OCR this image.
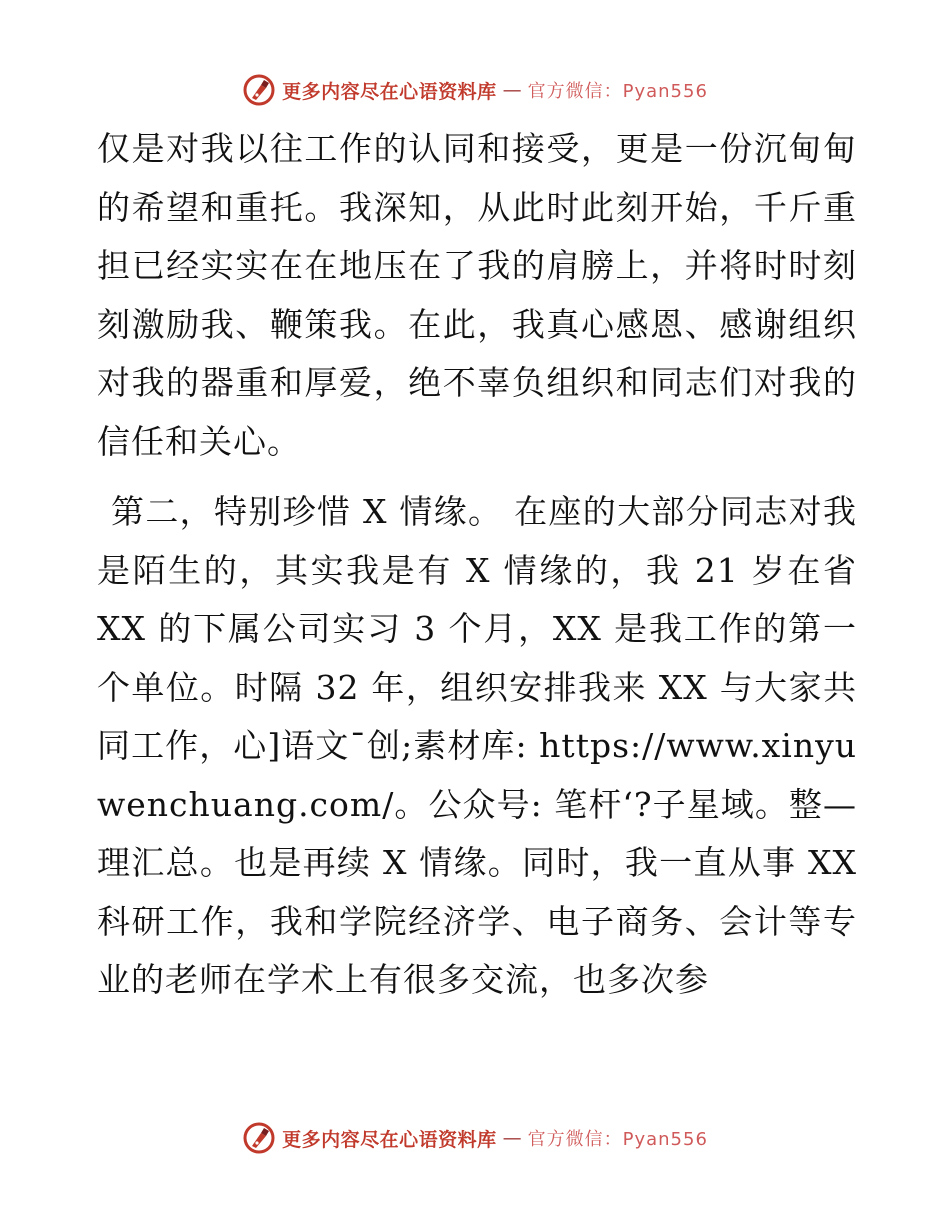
更多内容尽在心语资料库 — 官方微信：Pyan556

仅是对我以往工作的认同和接受，更是一份沉甸甸的希望和重托。我深知，从此时此刻开始，千斤重担已经实实在在地压在了我的肩膀上，并将时时刻刻激励我、鞭策我。在此，我真心感恩、感谢组织对我的器重和厚爱，绝不辜负组织和同志们对我的信任和关心。

第二，特别珍惜 X 情缘。 在座的大部分同志对我是陌生的，其实我是有 X 情缘的，我 21 岁在省 XX 的下属公司实习 3 个月，XX 是我工作的第一个单位。时隔 32 年，组织安排我来 XX 与大家共同工作，心]语文¯创;素材库: https://www.xinyuwenchuang.com/。公众号: 笔杆‘?子星域。整—理汇总。也是再续 X 情缘。同时，我一直从事 XX 科研工作，我和学院经济学、电子商务、会计等专业的老师在学术上有很多交流，也多次参

更多内容尽在心语资料库 — 官方微信：Pyan556
